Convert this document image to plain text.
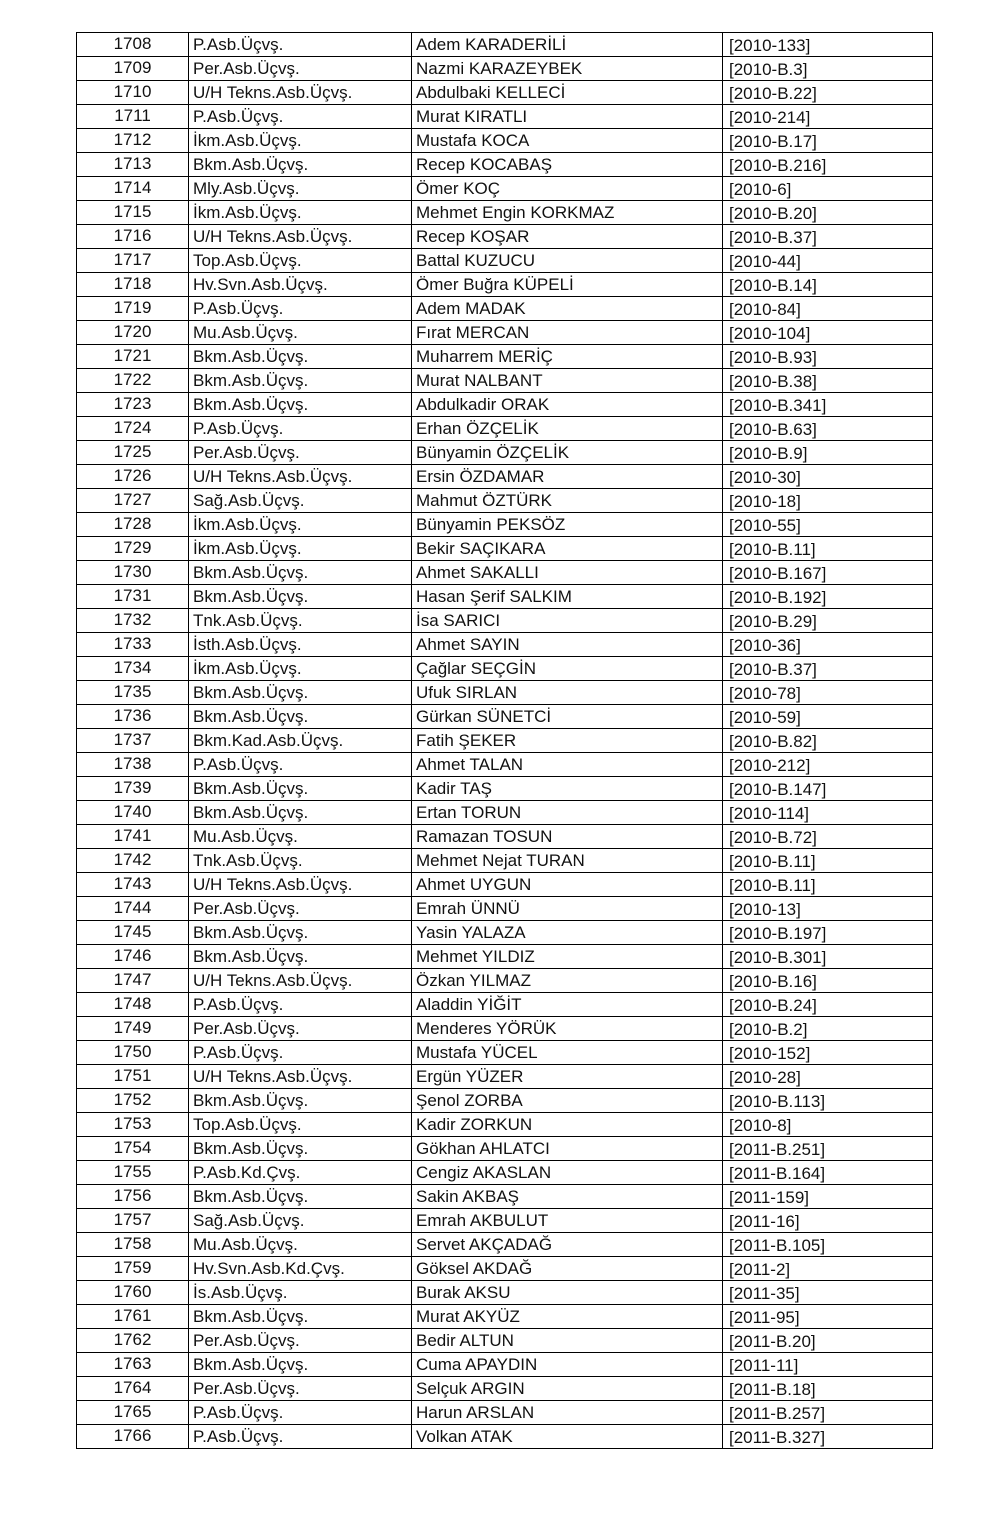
1708	P.Asb.Üçvş.	Adem KARADERİLİ	[2010-133]
1709	Per.Asb.Üçvş.	Nazmi KARAZEYBEK	[2010-B.3]
1710	U/H Tekns.Asb.Üçvş.	Abdulbaki KELLECİ	[2010-B.22]
1711	P.Asb.Üçvş.	Murat KIRATLI	[2010-214]
1712	İkm.Asb.Üçvş.	Mustafa KOCA	[2010-B.17]
1713	Bkm.Asb.Üçvş.	Recep KOCABAŞ	[2010-B.216]
1714	Mly.Asb.Üçvş.	Ömer KOÇ	[2010-6]
1715	İkm.Asb.Üçvş.	Mehmet Engin KORKMAZ	[2010-B.20]
1716	U/H Tekns.Asb.Üçvş.	Recep KOŞAR	[2010-B.37]
1717	Top.Asb.Üçvş.	Battal KUZUCU	[2010-44]
1718	Hv.Svn.Asb.Üçvş.	Ömer Buğra KÜPELİ	[2010-B.14]
1719	P.Asb.Üçvş.	Adem MADAK	[2010-84]
1720	Mu.Asb.Üçvş.	Fırat MERCAN	[2010-104]
1721	Bkm.Asb.Üçvş.	Muharrem MERİÇ	[2010-B.93]
1722	Bkm.Asb.Üçvş.	Murat NALBANT	[2010-B.38]
1723	Bkm.Asb.Üçvş.	Abdulkadir ORAK	[2010-B.341]
1724	P.Asb.Üçvş.	Erhan ÖZÇELİK	[2010-B.63]
1725	Per.Asb.Üçvş.	Bünyamin ÖZÇELİK	[2010-B.9]
1726	U/H Tekns.Asb.Üçvş.	Ersin ÖZDAMAR	[2010-30]
1727	Sağ.Asb.Üçvş.	Mahmut ÖZTÜRK	[2010-18]
1728	İkm.Asb.Üçvş.	Bünyamin PEKSÖZ	[2010-55]
1729	İkm.Asb.Üçvş.	Bekir SAÇIKARA	[2010-B.11]
1730	Bkm.Asb.Üçvş.	Ahmet SAKALLI	[2010-B.167]
1731	Bkm.Asb.Üçvş.	Hasan Şerif SALKIM	[2010-B.192]
1732	Tnk.Asb.Üçvş.	İsa SARICI	[2010-B.29]
1733	İsth.Asb.Üçvş.	Ahmet SAYIN	[2010-36]
1734	İkm.Asb.Üçvş.	Çağlar SEÇGİN	[2010-B.37]
1735	Bkm.Asb.Üçvş.	Ufuk SIRLAN	[2010-78]
1736	Bkm.Asb.Üçvş.	Gürkan SÜNETCİ	[2010-59]
1737	Bkm.Kad.Asb.Üçvş.	Fatih ŞEKER	[2010-B.82]
1738	P.Asb.Üçvş.	Ahmet TALAN	[2010-212]
1739	Bkm.Asb.Üçvş.	Kadir TAŞ	[2010-B.147]
1740	Bkm.Asb.Üçvş.	Ertan TORUN	[2010-114]
1741	Mu.Asb.Üçvş.	Ramazan TOSUN	[2010-B.72]
1742	Tnk.Asb.Üçvş.	Mehmet Nejat TURAN	[2010-B.11]
1743	U/H Tekns.Asb.Üçvş.	Ahmet UYGUN	[2010-B.11]
1744	Per.Asb.Üçvş.	Emrah ÜNNÜ	[2010-13]
1745	Bkm.Asb.Üçvş.	Yasin YALAZA	[2010-B.197]
1746	Bkm.Asb.Üçvş.	Mehmet YILDIZ	[2010-B.301]
1747	U/H Tekns.Asb.Üçvş.	Özkan YILMAZ	[2010-B.16]
1748	P.Asb.Üçvş.	Aladdin YİĞİT	[2010-B.24]
1749	Per.Asb.Üçvş.	Menderes YÖRÜK	[2010-B.2]
1750	P.Asb.Üçvş.	Mustafa YÜCEL	[2010-152]
1751	U/H Tekns.Asb.Üçvş.	Ergün YÜZER	[2010-28]
1752	Bkm.Asb.Üçvş.	Şenol ZORBA	[2010-B.113]
1753	Top.Asb.Üçvş.	Kadir ZORKUN	[2010-8]
1754	Bkm.Asb.Üçvş.	Gökhan AHLATCI	[2011-B.251]
1755	P.Asb.Kd.Çvş.	Cengiz AKASLAN	[2011-B.164]
1756	Bkm.Asb.Üçvş.	Sakin AKBAŞ	[2011-159]
1757	Sağ.Asb.Üçvş.	Emrah AKBULUT	[2011-16]
1758	Mu.Asb.Üçvş.	Servet AKÇADAĞ	[2011-B.105]
1759	Hv.Svn.Asb.Kd.Çvş.	Göksel AKDAĞ	[2011-2]
1760	İs.Asb.Üçvş.	Burak AKSU	[2011-35]
1761	Bkm.Asb.Üçvş.	Murat AKYÜZ	[2011-95]
1762	Per.Asb.Üçvş.	Bedir ALTUN	[2011-B.20]
1763	Bkm.Asb.Üçvş.	Cuma APAYDIN	[2011-11]
1764	Per.Asb.Üçvş.	Selçuk ARGIN	[2011-B.18]
1765	P.Asb.Üçvş.	Harun ARSLAN	[2011-B.257]
1766	P.Asb.Üçvş.	Volkan ATAK	[2011-B.327]
